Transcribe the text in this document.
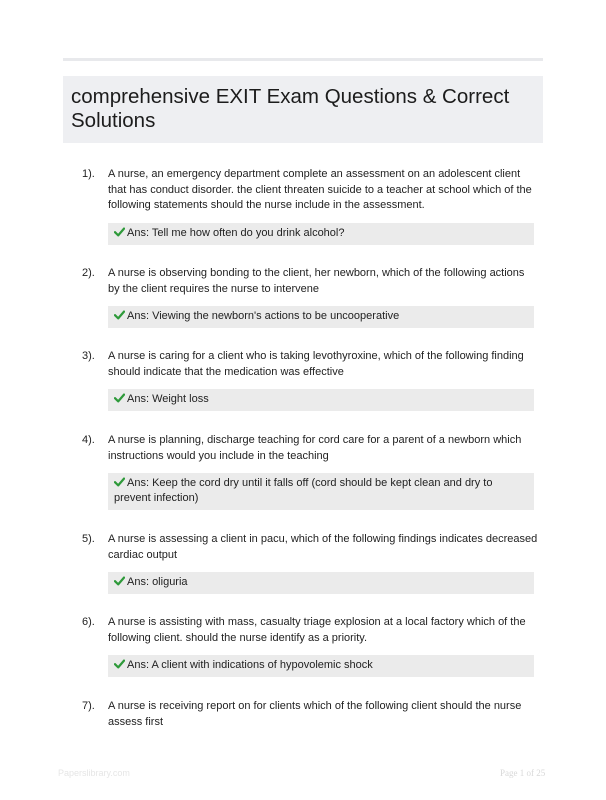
comprehensive EXIT Exam Questions & Correct Solutions
1). A nurse, an emergency department complete an assessment on an adolescent client that has conduct disorder. the client threaten suicide to a teacher at school which of the following statements should the nurse include in the assessment.
Ans: Tell me how often do you drink alcohol?
2). A nurse is observing bonding to the client, her newborn, which of the following actions by the client requires the nurse to intervene
Ans: Viewing the newborn's actions to be uncooperative
3). A nurse is caring for a client who is taking levothyroxine, which of the following finding should indicate that the medication was effective
Ans: Weight loss
4). A nurse is planning, discharge teaching for cord care for a parent of a newborn which instructions would you include in the teaching
Ans: Keep the cord dry until it falls off (cord should be kept clean and dry to prevent infection)
5). A nurse is assessing a client in pacu, which of the following findings indicates decreased cardiac output
Ans: oliguria
6). A nurse is assisting with mass, casualty triage explosion at a local factory which of the following client. should the nurse identify as a priority.
Ans: A client with indications of hypovolemic shock
7). A nurse is receiving report on for clients which of the following client should the nurse assess first
Paperslibrary.com	Page 1 of 25
